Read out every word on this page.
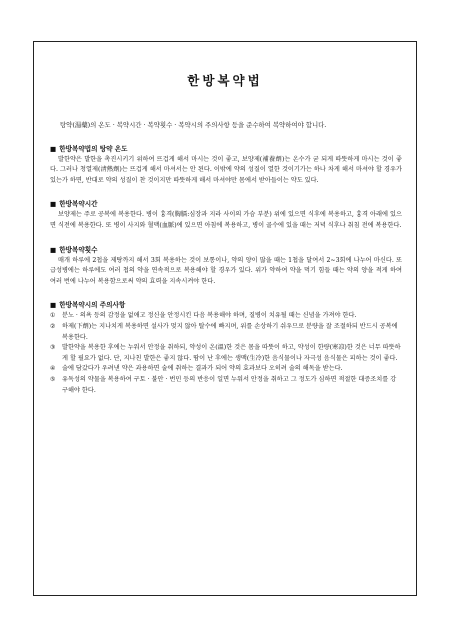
한방복약법

탕약(湯藥)의 온도 · 복약시간 · 복약횟수 · 복약시의 주의사항 등을 준수하여 복약하여야 합니다.

■ 한방복약법의 탕약 온도

발한약은 발한을 촉진시키기 위하여 뜨겁게 해서 마시는 것이 좋고, 보양제(補養劑)는 온수가 굳 되게 따뜻하게 마시는 것이 좋다. 그러나 청열제(淸熱劑)는 뜨겁게 해서 마셔서는 안 된다. 이밖에 약의 성질이 열한 것이기가는 하나 차게 해서 마셔야 할 경우가 있는가 하면, 반대로 약의 성질이 찬 것이지만 따뜻하게 해서 마셔야만 몸에서 받아들이는 약도 있다.

■ 한방복약시간

보양제는 주로 공복에 복용한다. 병이 흉격(胸膈:심장과 지라 사이의 가슴 부분) 위에 있으면 식후에 복용하고, 흉격 아래에 있으면 식전에 복용한다. 또 병이 사지와 혈맥(血脈)에 있으면 아침에 복용하고, 병이 골수에 있을 때는 저녁 식후나 취침 전에 복용한다.

■ 한방복약횟수

매개 하루에 2첩을 제탕까지 해서 3회 복용하는 것이 보통이나, 약의 양이 많을 때는 1첩을 달여서 2~3회에 나누어 마신다. 또 급성병에는 하루에도 여러 첩의 약을 연속적으로 복용해야 할 경우가 있다. 위가 약하여 약을 먹기 힘들 때는 약의 양을 적게 하여 여러 번에 나누어 복용함으로써 약의 효력을 지속시켜야 한다.

■ 한방복약시의 주의사항
① 분노 · 의욕 등의 감정을 없애고 정신을 안정시킨 다음 복용해야 하며, 질병이 치유될 때는 신념을 가져야 한다.
② 하제(下劑)는 지나치게 복용하면 설사가 멎지 않아 탈수에 빠지며, 위를 손상하기 쉬우므로 분량을 잘 조절하되 반드시 공복에 복용한다.
③ 발한약을 복용한 후에는 누워서 안정을 취하되, 약성이 온(溫)한 것은 몸을 따뜻이 하고, 약성이 한량(寒凉)한 것은 너무 따뜻하게 할 필요가 없다. 단, 지나친 발한은 좋지 않다. 땀이 난 후에는 생맥(生冷)한 음식물이나 자극성 음식물은 피하는 것이 좋다.
④ 술에 담갔다가 우려낸 약은 과용하면 술에 취하는 결과가 되어 약의 효과보다 오히려 술의 해독을 받는다.
⑤ 유독성의 약물을 복용하여 구토 · 불안 · 번민 등의 반응이 일면 누워서 안정을 취하고 그 정도가 심하면 적절한 대증조치를 강구해야 한다.
